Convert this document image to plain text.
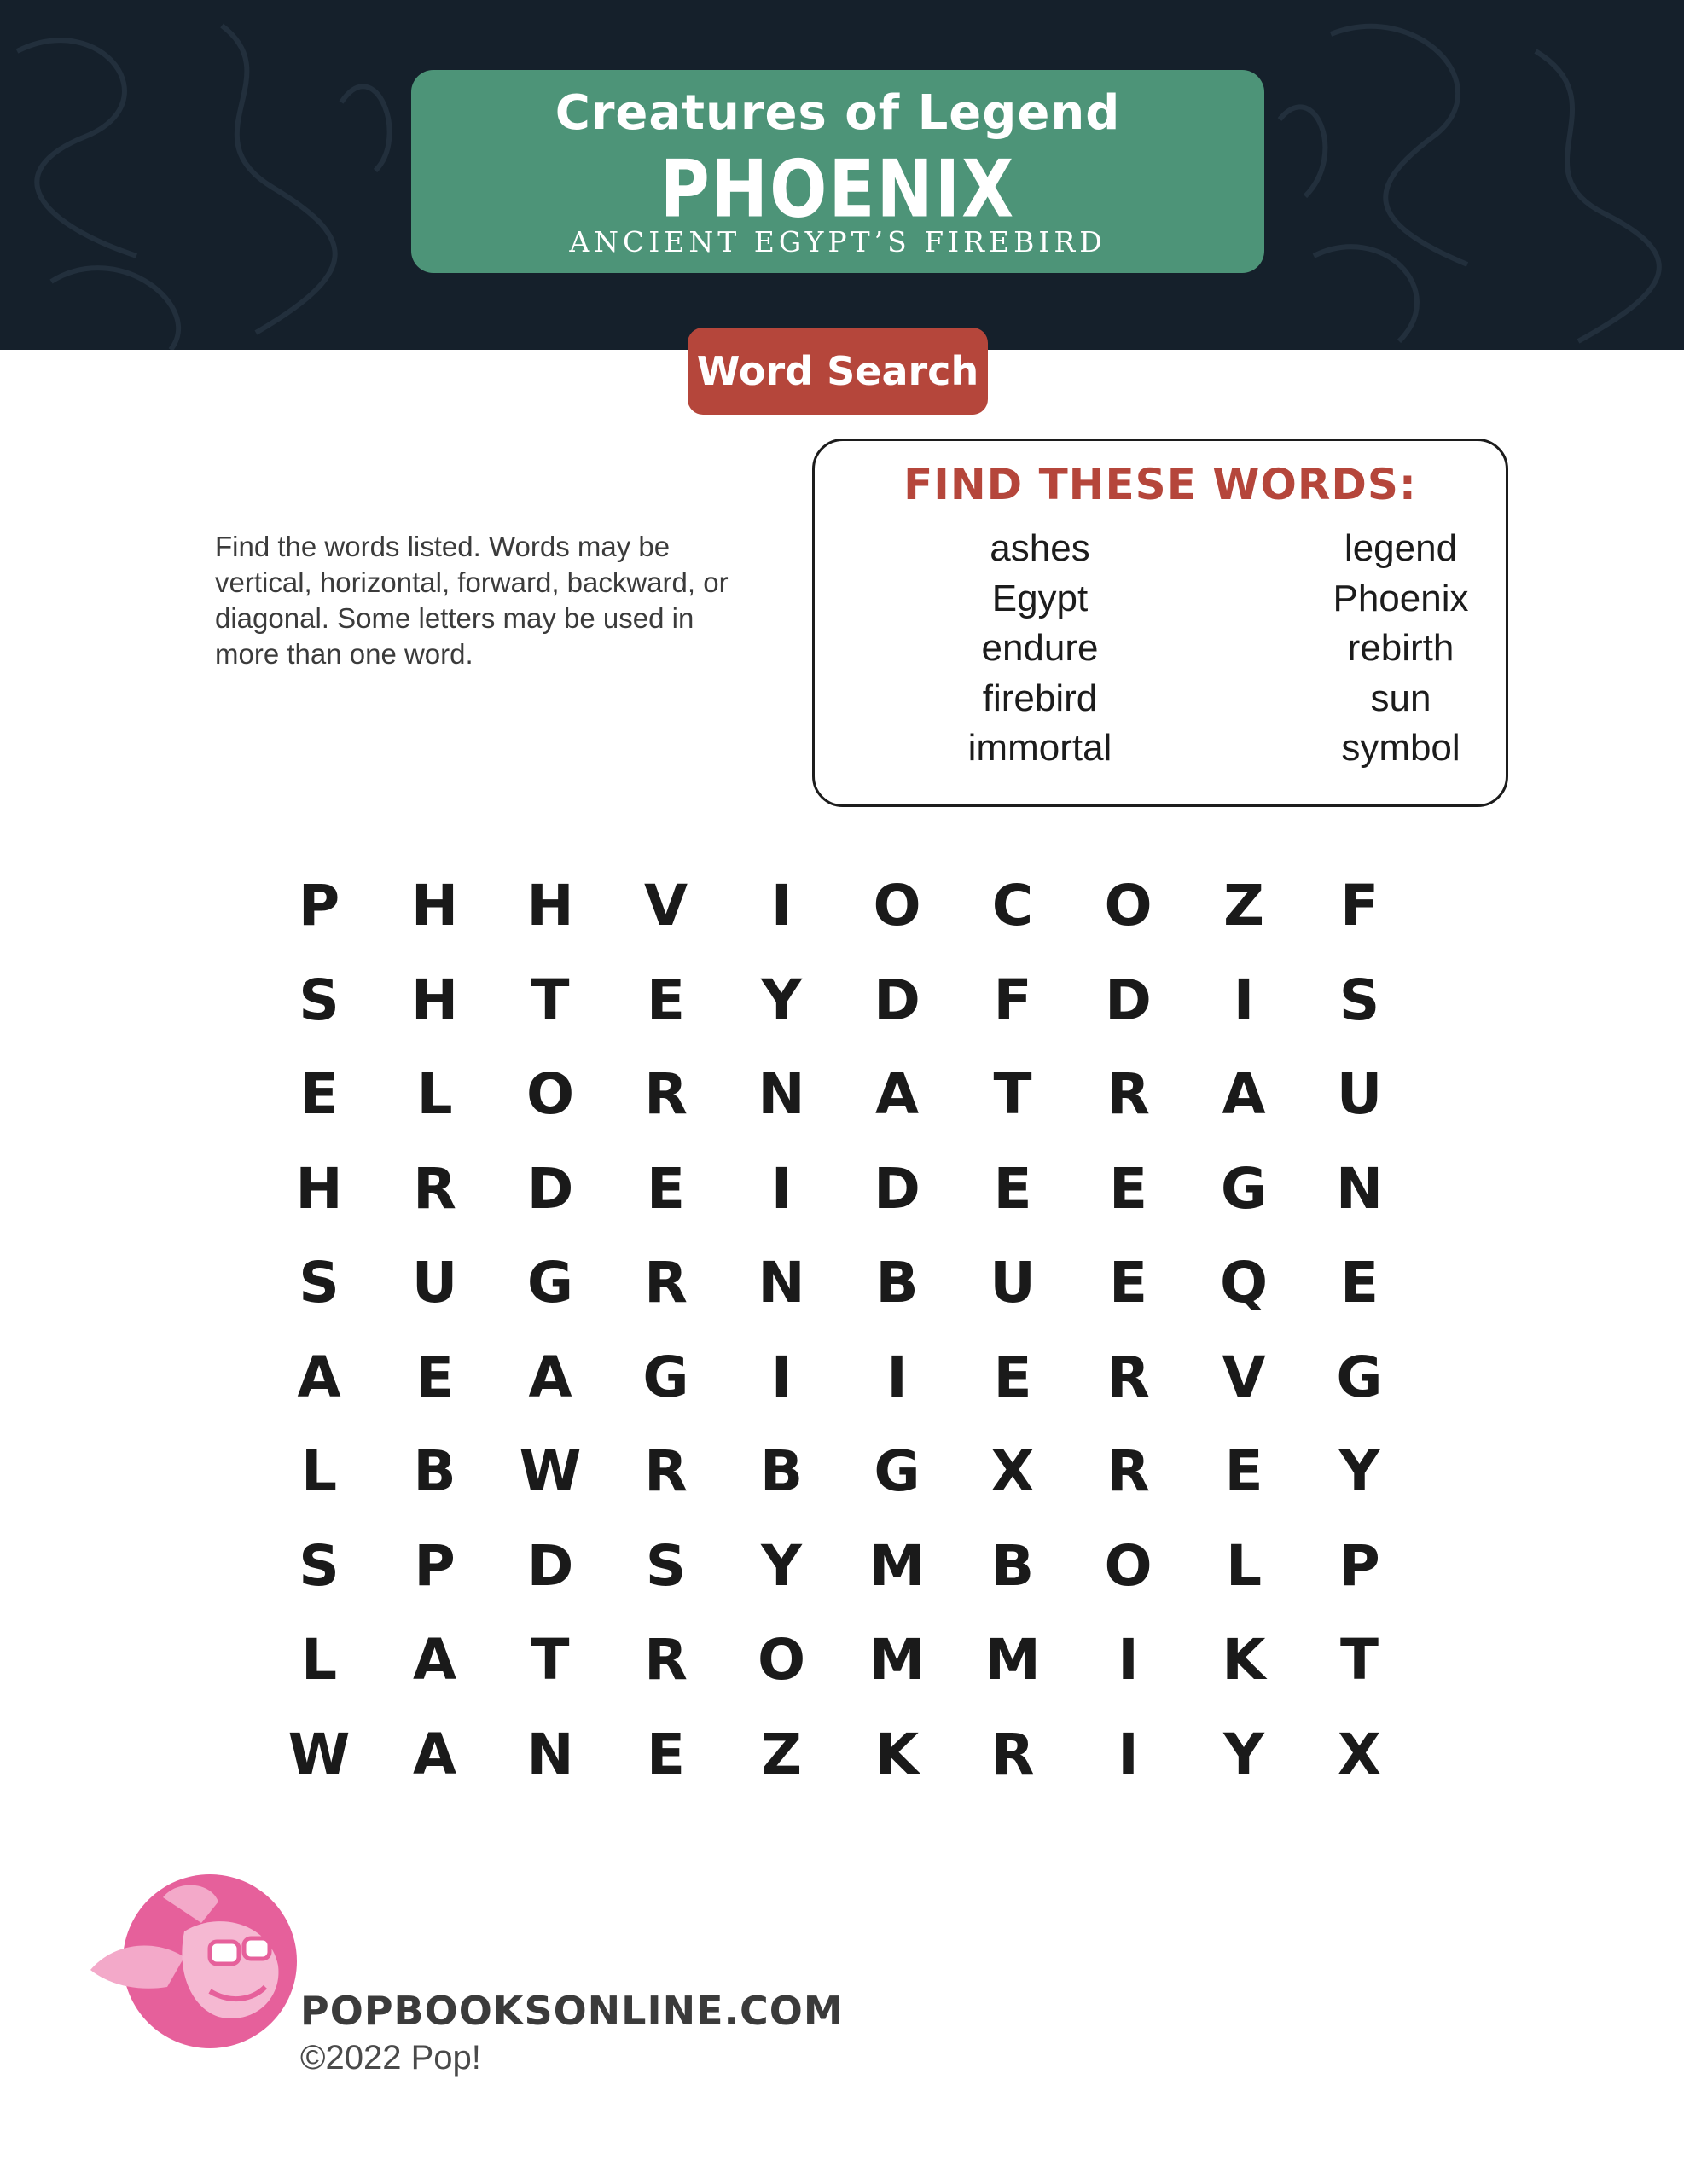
Creatures of Legend
PHOENIX
ANCIENT EGYPT’S FIREBIRD
Word Search

Find the words listed. Words may be vertical, horizontal, forward, backward, or diagonal. Some letters may be used in more than one word.

FIND THESE WORDS:
ashes
Egypt
endure
firebird
immortal
legend
Phoenix
rebirth
sun
symbol
P	H H V	I	O	C	O	Z	F
S	H	T	E	Y	D	F	D	I	S
E	L	O R N A	T	R A U
H R D	E	I	D	E	E	G N
S	U G R N	B	U	E	Q	E
A	E	A G	I	I	E	R V G
L	B	W R	B	G X R	E	Y
S	P	D	S	Y	M	B	O	L	P
L	A	T	R O M M	I	K	T
W A N	E	Z	K R	I	Y	X
POPBOOKSONLINE.COM
©2022 Pop!
